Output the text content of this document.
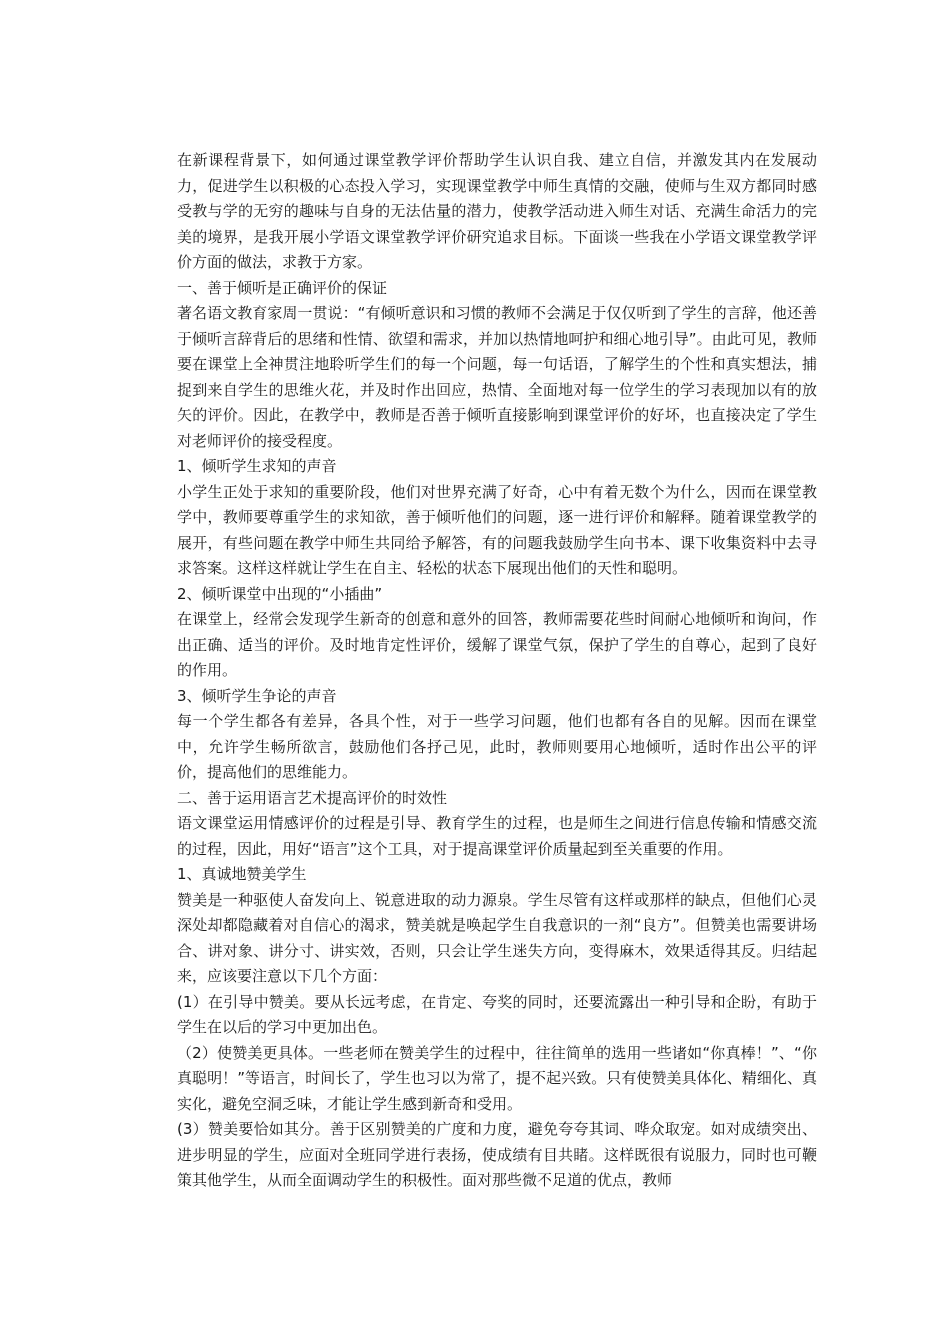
在新课程背景下，如何通过课堂教学评价帮助学生认识自我、建立自信，并激发其内在发展动力，促进学生以积极的心态投入学习，实现课堂教学中师生真情的交融，使师与生双方都同时感受教与学的无穷的趣味与自身的无法估量的潜力，使教学活动进入师生对话、充满生命活力的完美的境界，是我开展小学语文课堂教学评价研究追求目标。下面谈一些我在小学语文课堂教学评价方面的做法，求教于方家。

一、善于倾听是正确评价的保证

著名语文教育家周一贯说：“有倾听意识和习惯的教师不会满足于仅仅听到了学生的言辞，他还善于倾听言辞背后的思绪和性情、欲望和需求，并加以热情地呵护和细心地引导”。由此可见，教师要在课堂上全神贯注地聆听学生们的每一个问题，每一句话语，了解学生的个性和真实想法，捕捉到来自学生的思维火花，并及时作出回应，热情、全面地对每一位学生的学习表现加以有的放矢的评价。因此，在教学中，教师是否善于倾听直接影响到课堂评价的好坏，也直接决定了学生对老师评价的接受程度。

1、倾听学生求知的声音

小学生正处于求知的重要阶段，他们对世界充满了好奇，心中有着无数个为什么，因而在课堂教学中，教师要尊重学生的求知欲，善于倾听他们的问题，逐一进行评价和解释。随着课堂教学的展开，有些问题在教学中师生共同给予解答，有的问题我鼓励学生向书本、课下收集资料中去寻求答案。这样这样就让学生在自主、轻松的状态下展现出他们的天性和聪明。

2、倾听课堂中出现的“小插曲”

在课堂上，经常会发现学生新奇的创意和意外的回答，教师需要花些时间耐心地倾听和询问，作出正确、适当的评价。及时地肯定性评价，缓解了课堂气氛，保护了学生的自尊心，起到了良好的作用。

3、倾听学生争论的声音

每一个学生都各有差异，各具个性，对于一些学习问题，他们也都有各自的见解。因而在课堂中，允许学生畅所欲言，鼓励他们各抒己见，此时，教师则要用心地倾听，适时作出公平的评价，提高他们的思维能力。

二、善于运用语言艺术提高评价的时效性

语文课堂运用情感评价的过程是引导、教育学生的过程，也是师生之间进行信息传输和情感交流的过程，因此，用好“语言”这个工具，对于提高课堂评价质量起到至关重要的作用。

1、真诚地赞美学生

赞美是一种驱使人奋发向上、锐意进取的动力源泉。学生尽管有这样或那样的缺点，但他们心灵深处却都隐藏着对自信心的渴求，赞美就是唤起学生自我意识的一剂“良方”。但赞美也需要讲场合、讲对象、讲分寸、讲实效，否则，只会让学生迷失方向，变得麻木，效果适得其反。归结起来，应该要注意以下几个方面：

(1）在引导中赞美。要从长远考虑，在肯定、夸奖的同时，还要流露出一种引导和企盼，有助于学生在以后的学习中更加出色。

（2）使赞美更具体。一些老师在赞美学生的过程中，往往简单的选用一些诸如“你真棒！”、“你真聪明！”等语言，时间长了，学生也习以为常了，提不起兴致。只有使赞美具体化、精细化、真实化，避免空洞乏味，才能让学生感到新奇和受用。

(3）赞美要恰如其分。善于区别赞美的广度和力度，避免夸夸其词、哗众取宠。如对成绩突出、进步明显的学生，应面对全班同学进行表扬，使成绩有目共睹。这样既很有说服力，同时也可鞭策其他学生，从而全面调动学生的积极性。面对那些微不足道的优点，教师
